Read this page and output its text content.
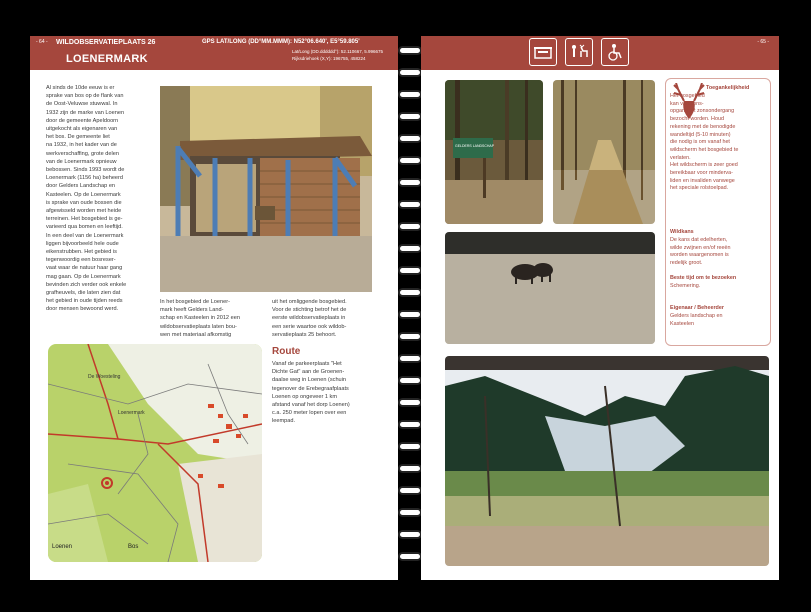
- 64 - WILDOBSERVATIEPLAATS 26	GPS LAT/LONG (DD°MM.MMM): N52°06.640', E5°59.805'
Lat/Long (DD.dddddd°): 52.110667, 5.996675
Rijksdriehoek (X,Y): 196755, 458224
LOENERMARK
Al sinds de 10de eeuw is er
sprake van bos op de flank van
de Oost-Veluwse stuwwal. In
1932 zijn de marke van Loenen
door de gemeente Apeldoorn
uitgekocht als eigenaren van
het bos. De gemeente liet
na 1932, in het kader van de
werkverschaffing, grote delen
van de Loenermark opnieuw
bebossen. Sinds 1993 wordt de
Loenermark (1156 ha) beheerd
door Gelders Landschap en
Kasteelen. Op de Loenermark
is sprake van oude bossen die
afgewisseld worden met heide
terreinen. Het bosgebied is ge-
varieerd qua bomen en leeftijd.
In een deel van de Loenermark
liggen bijvoorbeeld hele oude
eikenstrubben. Het gebied is
tegenwoordig een bosreser-
vaat waar de natuur haar gang
mag gaan. Op de Loenermark
bevinden zich verder ook enkele
grafheuvels, die laten zien dat
het gebied in oude tijden reeds
door mensen bewoond werd.
In het bosgebied de Loener-
mark heeft Gelders Land-
schap en Kasteelen in 2012 een
wildobservatieplaats laten bou-
wen met materiaal afkomstig
uit het omliggende bosgebied.
Voor de stichting betrof het de
eerste wildobservatieplaats in
een serie waartoe ook wildob-
servatieplaats 25 behoort.
De Woesteling
Loenermark
Loenen	Bos
Route
Vanaf de parkeerplaats "Het
Dichte Gat" aan de Groenen-
daalse weg in Loenen (schuin
tegenover de Erebegraafplaats
Loenen op ongeveer 1 km
afstand vanaf het dorp Loenen)
c.a. 250 meter lopen over een
leempad.
- 65 -
GELDERS LANDSCHAP
Toegankelijkheid
Het bosgebied
kan van zons-
opgang tot zonsondergang
bezocht worden. Houd
rekening met de benodigde
wandeltijd (5-10 minuten)
die nodig is om vanaf het
wildscherm het bosgebied te
verlaten.
Het wildscherm is zeer goed
bereikbaar voor mindervа-
liden en invaliden vanwege
het speciale rolstoelpad.
Wildkans
De kans dat edelherten,
wilde zwijnen en/of reeën
worden waargenomen is
redelijk groot.
Beste tijd om te bezoeken
Schemering.
Eigenaar / Beheerder
Gelders landschap en
Kasteelen
